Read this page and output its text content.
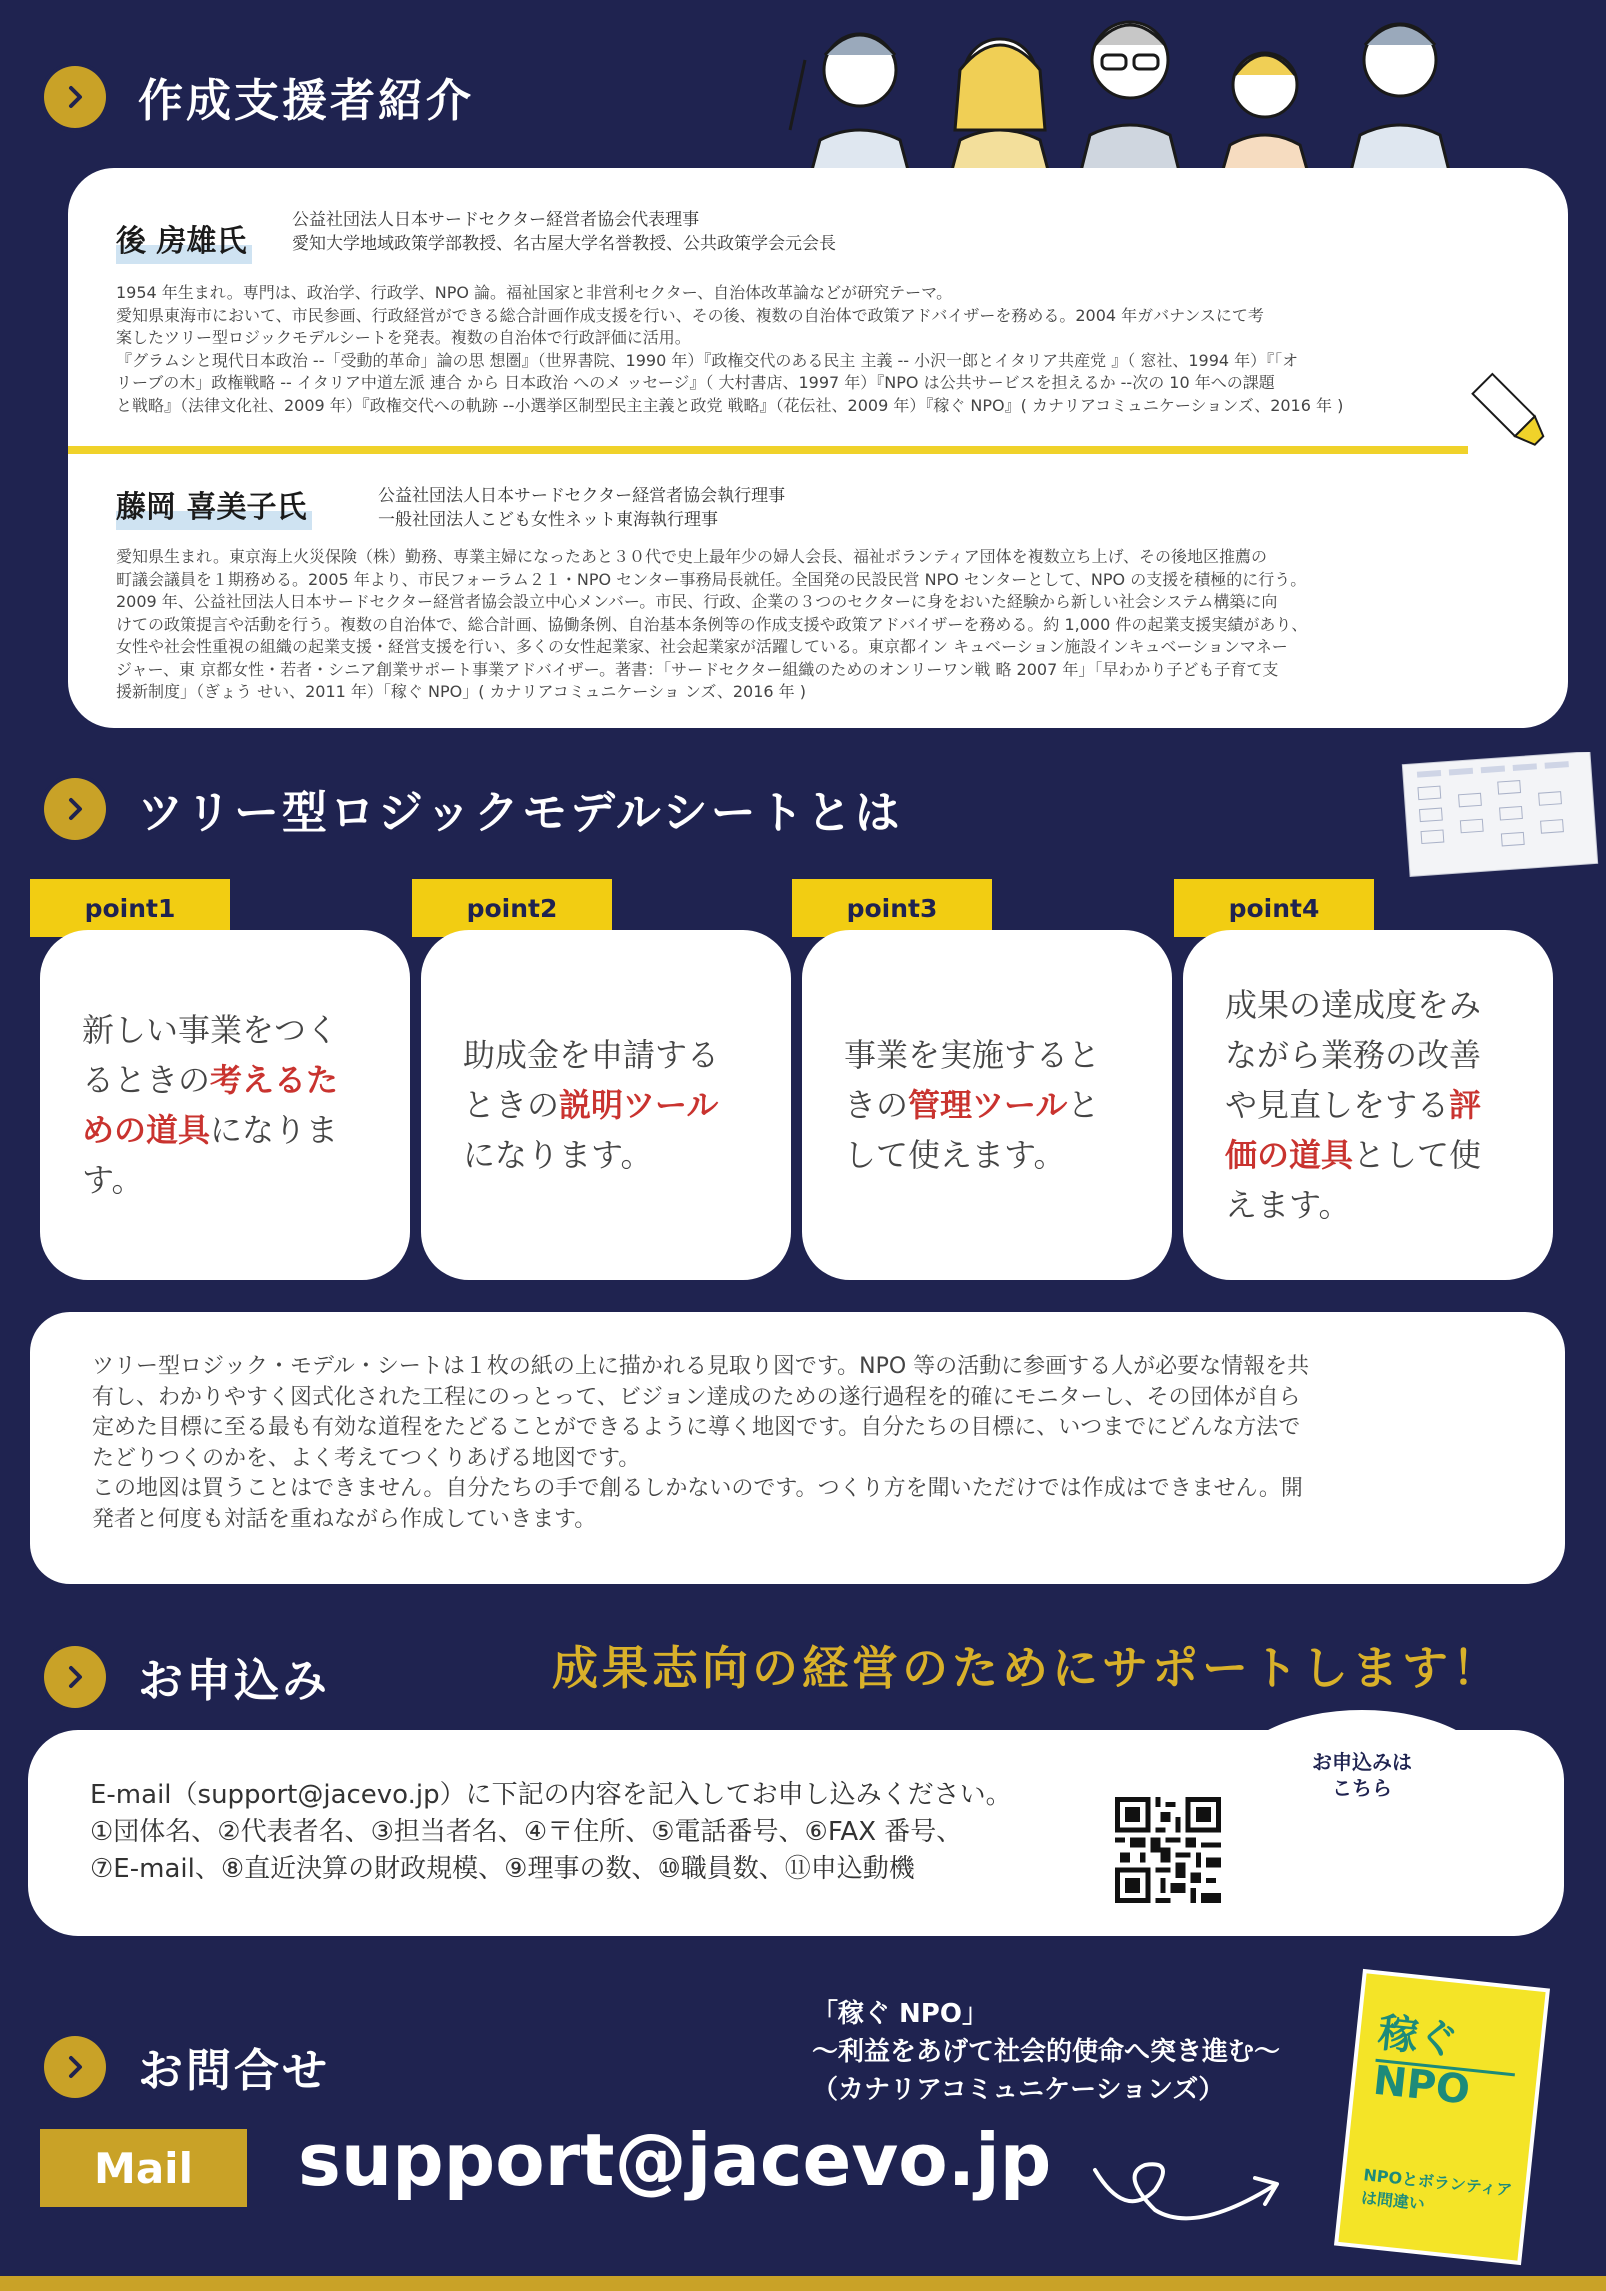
作成支援者紹介
後 房雄氏
公益社団法人日本サードセクター経営者協会代表理事
愛知大学地域政策学部教授、名古屋大学名誉教授、公共政策学会元会長
1954 年生まれ。専門は、政治学、行政学、NPO 論。福祉国家と非営利セクター、自治体改革論などが研究テーマ。
愛知県東海市において、市民参画、行政経営ができる総合計画作成支援を行い、その後、複数の自治体で政策アドバイザーを務める。2004 年ガバナンスにて考
案したツリー型ロジックモデルシートを発表。複数の自治体で行政評価に活用。
『グラムシと現代日本政治 --「受動的革命」論の思 想圏』（世界書院、1990 年）『政権交代のある民主 主義 -- 小沢一郎とイタリア共産党 』（ 窓社、1994 年）『「オ
リーブの木」政権戦略 -- イタリア中道左派 連合 から 日本政治 へのメ ッセージ』（ 大村書店、1997 年）『NPO は公共サービスを担えるか --次の 10 年への課題
と戦略』（法律文化社、2009 年）『政権交代への軌跡 --小選挙区制型民主主義と政党 戦略』（花伝社、2009 年）『稼ぐ NPO』( カナリアコミュニケーションズ、2016 年 )
藤岡 喜美子氏	公益社団法人日本サードセクター経営者協会執行理事
一般社団法人こども女性ネット東海執行理事
愛知県生まれ。東京海上火災保険（株）勤務、専業主婦になったあと３０代で史上最年少の婦人会長、福祉ボランティア団体を複数立ち上げ、その後地区推薦の
町議会議員を１期務める。2005 年より、市民フォーラム２１・NPO センター事務局長就任。全国発の民設民営 NPO センターとして、NPO の支援を積極的に行う。
2009 年、公益社団法人日本サードセクター経営者協会設立中心メンバー。市民、行政、企業の３つのセクターに身をおいた経験から新しい社会システム構築に向
けての政策提言や活動を行う。複数の自治体で、総合計画、協働条例、自治基本条例等の作成支援や政策アドバイザーを務める。約 1,000 件の起業支援実績があり、
女性や社会性重視の組織の起業支援・経営支援を行い、多くの女性起業家、社会起業家が活躍している。東京都イン キュベーション施設インキュベーションマネー
ジャー、東 京都女性・若者・シニア創業サポート事業アドバイザー。著書：「サードセクター組織のためのオンリーワン戦 略 2007 年」「早わかり子ども子育て支
援新制度」（ぎょう せい、2011 年）「稼ぐ NPO」( カナリアコミュニケーショ ンズ、2016 年 )
ツリー型ロジックモデルシートとは
point1
新しい事業をつく
るときの考えるた
めの道具になりま
す。
point2
助成金を申請する
ときの説明ツール
になります。
point3
事業を実施すると
きの管理ツールと
して使えます。
point4
成果の達成度をみ
ながら業務の改善
や見直しをする評
価の道具として使
えます。
ツリー型ロジック・モデル・シートは１枚の紙の上に描かれる見取り図です。NPO 等の活動に参画する人が必要な情報を共
有し、わかりやすく図式化された工程にのっとって、ビジョン達成のための遂行過程を的確にモニターし、その団体が自ら
定めた目標に至る最も有効な道程をたどることができるように導く地図です。自分たちの目標に、いつまでにどんな方法で
たどりつくのかを、よく考えてつくりあげる地図です。
この地図は買うことはできません。自分たちの手で創るしかないのです。つくり方を聞いただけでは作成はできません。開
発者と何度も対話を重ねながら作成していきます。
お申込み	成果志向の経営のためにサポートします！
E-mail（support@jacevo.jp）に下記の内容を記入してお申し込みください。
①団体名、②代表者名、③担当者名、④〒住所、⑤電話番号、⑥FAX 番号、
⑦E-mail、⑧直近決算の財政規模、⑨理事の数、⑩職員数、⑪申込動機
お申込みは
こちら
お問合せ
Mail	support@jacevo.jp
「稼ぐ NPO」
～利益をあげて社会的使命へ突き進む～
（カナリアコミュニケーションズ）
稼ぐNPO
NPOとボランティアは問違い
